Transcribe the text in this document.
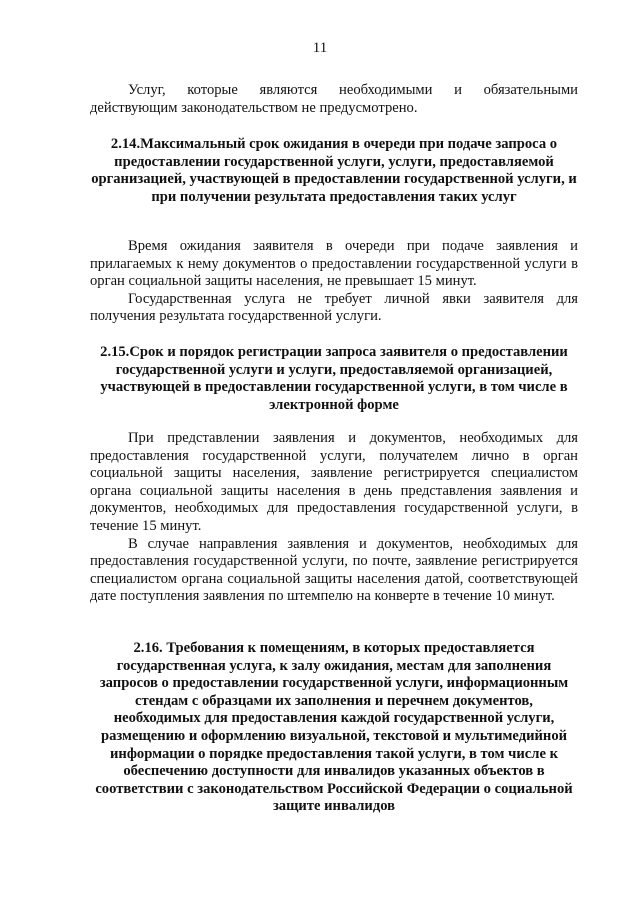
11

Услуг, которые являются необходимыми и обязательными действующим законодательством не предусмотрено.

2.14.Максимальный срок ожидания в очереди при подаче запроса о предоставлении государственной услуги, услуги, предоставляемой организацией, участвующей в предоставлении государственной услуги, и при получении результата предоставления таких услуг

Время ожидания заявителя в очереди при подаче заявления и прилагаемых к нему документов о предоставлении государственной услуги в орган социальной защиты населения, не превышает 15 минут.

Государственная услуга не требует личной явки заявителя для получения результата государственной услуги.

2.15.Срок и порядок регистрации запроса заявителя о предоставлении государственной услуги и услуги, предоставляемой организацией, участвующей в предоставлении государственной услуги, в том числе в электронной форме

При представлении заявления и документов, необходимых для предоставления государственной услуги, получателем лично в орган социальной защиты населения, заявление регистрируется специалистом органа социальной защиты населения в день представления заявления и документов, необходимых для предоставления государственной услуги, в течение 15 минут.

В случае направления заявления и документов, необходимых для предоставления государственной услуги, по почте, заявление регистрируется специалистом органа социальной защиты населения датой, соответствующей дате поступления заявления по штемпелю на конверте в течение 10 минут.

2.16. Требования к помещениям, в которых предоставляется государственная услуга, к залу ожидания, местам для заполнения запросов о предоставлении государственной услуги, информационным стендам с образцами их заполнения и перечнем документов, необходимых для предоставления каждой государственной услуги, размещению и оформлению визуальной, текстовой и мультимедийной информации о порядке предоставления такой услуги, в том числе к обеспечению доступности для инвалидов указанных объектов в соответствии с законодательством Российской Федерации о социальной защите инвалидов
